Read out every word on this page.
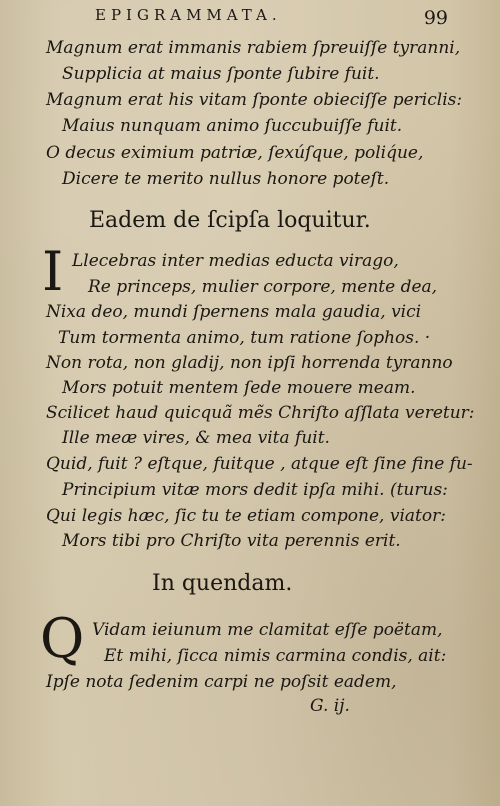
EPIGRAMMATA.	99
Magnum erat immanis rabiem ſpreuiſſe tyranni,
Supplicia at maius ſponte ſubire fuit.
Magnum erat his vitam ſponte obieciſſe periclis:
Maius nunquam animo ſuccubuiſſe fuit.
O decus eximium patriæ, ſexúſque, poliq́ue,
Dicere te merito nullus honore poteſt.
Eadem de ſcipſa loquitur.
I Llecebras inter medias educta virago,
Re princeps, mulier corpore, mente dea,
Nixa deo, mundi ſpernens mala gaudia, vici
Tum tormenta animo, tum ratione ſophos. ·
Non rota, non gladij, non ipſi horrenda tyranno
Mors potuit mentem ſede mouere meam.
Scilicet haud quicquã mẽs Chriſto aſſlata veretur:
Ille meæ vires, & mea vita fuit.
Quid, fuit ? eſtque, fuitque , atque eſt ſine fine fu-
Principium vitæ mors dedit ipſa mihi. (turus:
Qui legis hæc, ſic tu te etiam compone, viator:
Mors tibi pro Chriſto vita perennis erit.
In quendam.
Q Vidam ieiunum me clamitat eſſe poëtam,
Et mihi, ſicca nimis carmina condis, ait:
Ipſe nota ſedenim carpi ne poſsit eadem,
G. ij.
